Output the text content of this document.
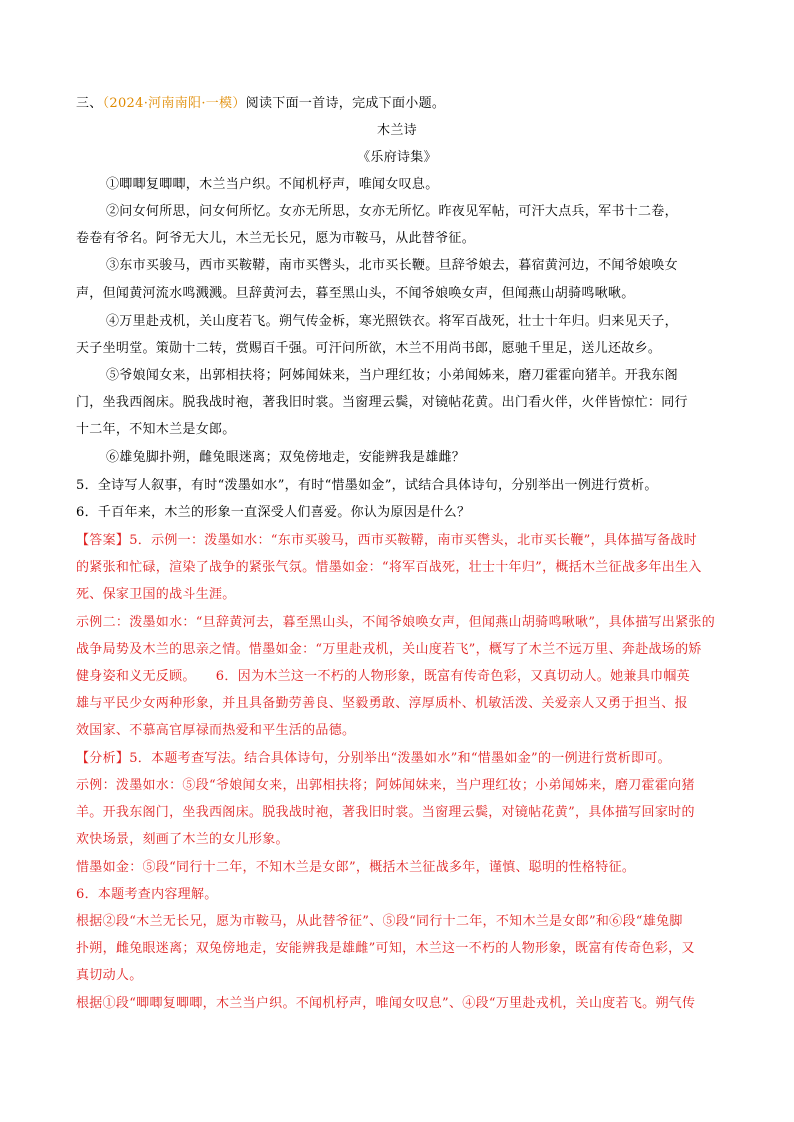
三、（2024·河南南阳·一模）阅读下面一首诗，完成下面小题。
木兰诗
《乐府诗集》
①唧唧复唧唧，木兰当户织。不闻机杼声，唯闻女叹息。
②问女何所思，问女何所忆。女亦无所思，女亦无所忆。昨夜见军帖，可汗大点兵，军书十二卷，
卷卷有爷名。阿爷无大儿，木兰无长兄，愿为市鞍马，从此替爷征。
③东市买骏马，西市买鞍鞯，南市买辔头，北市买长鞭。旦辞爷娘去，暮宿黄河边，不闻爷娘唤女
声，但闻黄河流水鸣溅溅。旦辞黄河去，暮至黑山头，不闻爷娘唤女声，但闻燕山胡骑鸣啾啾。
④万里赴戎机，关山度若飞。朔气传金柝，寒光照铁衣。将军百战死，壮士十年归。归来见天子，
天子坐明堂。策勋十二转，赏赐百千强。可汗问所欲，木兰不用尚书郎，愿驰千里足，送儿还故乡。
⑤爷娘闻女来，出郭相扶将；阿姊闻妹来，当户理红妆；小弟闻姊来，磨刀霍霍向猪羊。开我东阁
门，坐我西阁床。脱我战时袍，著我旧时裳。当窗理云鬓，对镜帖花黄。出门看火伴，火伴皆惊忙：同行
十二年，不知木兰是女郎。
⑥雄兔脚扑朔，雌兔眼迷离；双兔傍地走，安能辨我是雄雌？
5．全诗写人叙事，有时“泼墨如水”，有时“惜墨如金”，试结合具体诗句，分别举出一例进行赏析。
6．千百年来，木兰的形象一直深受人们喜爱。你认为原因是什么？
【答案】5．示例一：泼墨如水：“东市买骏马，西市买鞍鞯，南市买辔头，北市买长鞭”，具体描写备战时
的紧张和忙碌，渲染了战争的紧张气氛。惜墨如金：“将军百战死，壮士十年归”，概括木兰征战多年出生入
死、保家卫国的战斗生涯。
示例二：泼墨如水：“旦辞黄河去，暮至黑山头，不闻爷娘唤女声，但闻燕山胡骑鸣啾啾”，具体描写出紧张的
战争局势及木兰的思亲之情。惜墨如金：“万里赴戎机，关山度若飞”，概写了木兰不远万里、奔赴战场的矫
健身姿和义无反顾。　　6．因为木兰这一不朽的人物形象，既富有传奇色彩，又真切动人。她兼具巾帼英
雄与平民少女两种形象，并且具备勤劳善良、坚毅勇敢、淳厚质朴、机敏活泼、关爱亲人又勇于担当、报
效国家、不慕高官厚禄而热爱和平生活的品德。
【分析】5．本题考查写法。结合具体诗句，分别举出“泼墨如水”和“惜墨如金”的一例进行赏析即可。
示例：泼墨如水：⑤段“爷娘闻女来，出郭相扶将；阿姊闻妹来，当户理红妆；小弟闻姊来，磨刀霍霍向猪
羊。开我东阁门，坐我西阁床。脱我战时袍，著我旧时裳。当窗理云鬓，对镜帖花黄”，具体描写回家时的
欢快场景，刻画了木兰的女儿形象。
惜墨如金：⑤段“同行十二年，不知木兰是女郎”，概括木兰征战多年，谨慎、聪明的性格特征。
6．本题考查内容理解。
根据②段“木兰无长兄，愿为市鞍马，从此替爷征”、⑤段“同行十二年，不知木兰是女郎”和⑥段“雄兔脚
扑朔，雌兔眼迷离；双兔傍地走，安能辨我是雄雌”可知，木兰这一不朽的人物形象，既富有传奇色彩，又
真切动人。
根据①段“唧唧复唧唧，木兰当户织。不闻机杼声，唯闻女叹息”、④段“万里赴戎机，关山度若飞。朔气传
